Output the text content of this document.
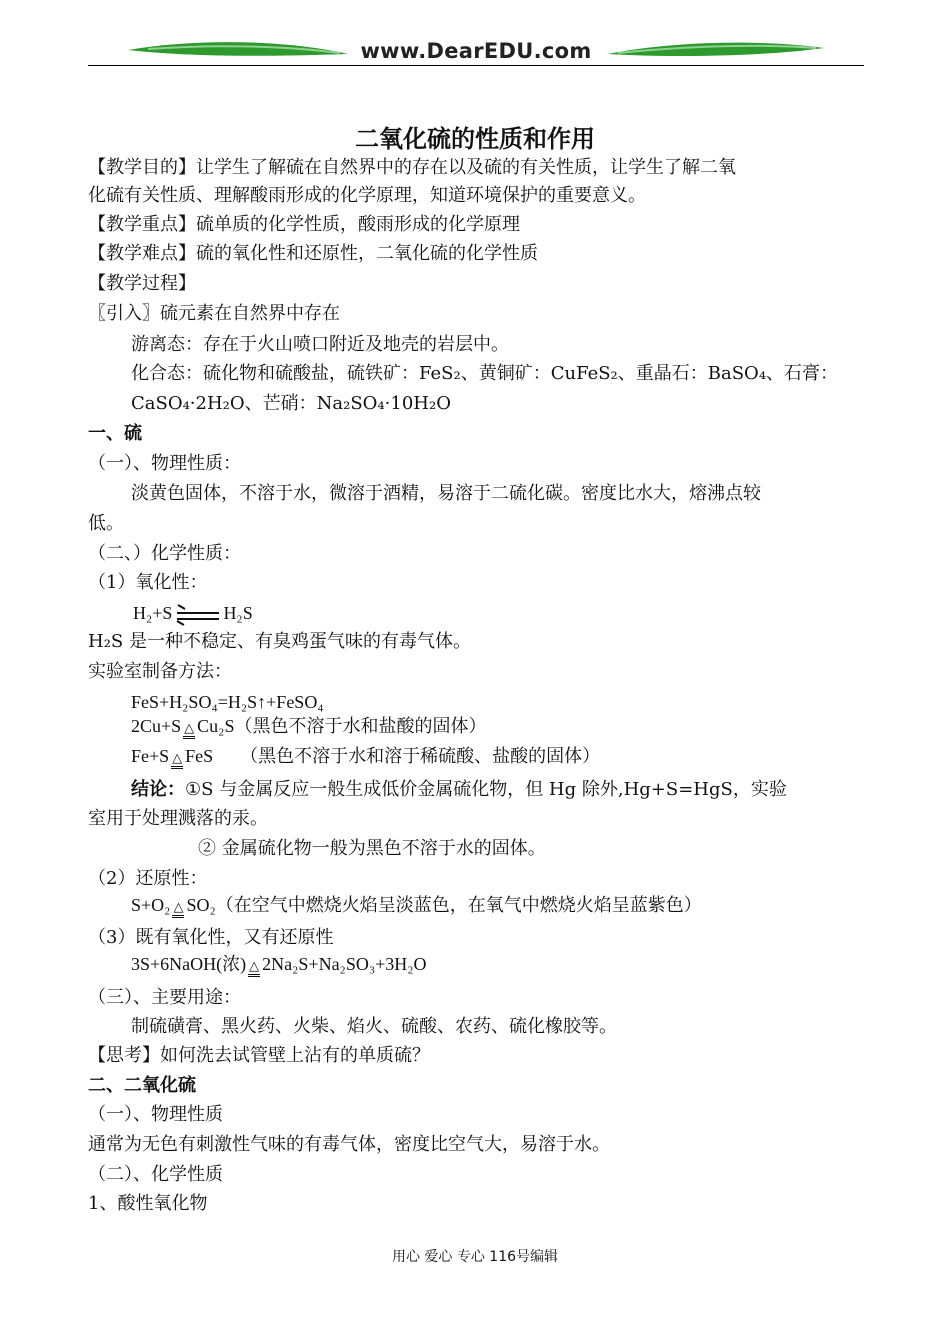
www.DearEDU.com
二氧化硫的性质和作用
【教学目的】让学生了解硫在自然界中的存在以及硫的有关性质，让学生了解二氧
化硫有关性质、理解酸雨形成的化学原理，知道环境保护的重要意义。
【教学重点】硫单质的化学性质，酸雨形成的化学原理
【教学难点】硫的氧化性和还原性，二氧化硫的化学性质
【教学过程】
〖引入〗硫元素在自然界中存在
游离态：存在于火山喷口附近及地壳的岩层中。
化合态：硫化物和硫酸盐，硫铁矿：FeS₂、黄铜矿：CuFeS₂、重晶石：BaSO₄、石膏：
CaSO₄·2H₂O、芒硝：Na₂SO₄·10H₂O
一、硫
（一）、物理性质：
淡黄色固体，不溶于水，微溶于酒精，易溶于二硫化碳。密度比水大，熔沸点较
低。
（二、）化学性质：
（1）氧化性：
H₂+S	H₂S
H₂S 是一种不稳定、有臭鸡蛋气味的有毒气体。
实验室制备方法：
FeS+H₂SO₄=H₂S↑+FeSO₄
2Cu+S △ Cu₂S（黑色不溶于水和盐酸的固体）
Fe+S △ FeS　　（黑色不溶于水和溶于稀硫酸、盐酸的固体）
结论：①S 与金属反应一般生成低价金属硫化物，但 Hg 除外,Hg+S=HgS，实验
室用于处理溅落的汞。
② 金属硫化物一般为黑色不溶于水的固体。
（2）还原性：
S+O₂ △ SO₂（在空气中燃烧火焰呈淡蓝色，在氧气中燃烧火焰呈蓝紫色）
（3）既有氧化性，又有还原性
3S+6NaOH(浓) △ 2Na₂S+Na₂SO₃+3H₂O
（三）、主要用途：
制硫磺膏、黑火药、火柴、焰火、硫酸、农药、硫化橡胶等。
【思考】如何洗去试管壁上沾有的单质硫？
二、二氧化硫
（一）、物理性质
通常为无色有刺激性气味的有毒气体，密度比空气大，易溶于水。
（二）、化学性质
1、酸性氧化物
用心 爱心 专心 116号编辑
